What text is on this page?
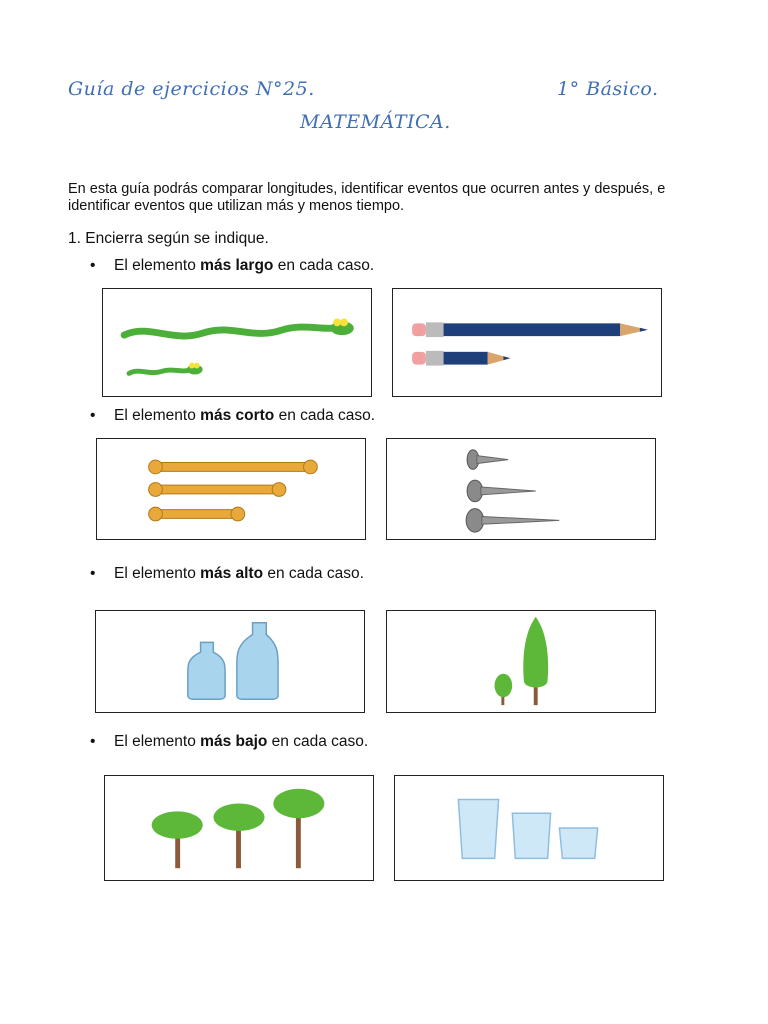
Guía de ejercicios N°25.	1° Básico.
MATEMÁTICA.
En esta guía podrás comparar longitudes, identificar eventos que ocurren antes y después, e identificar eventos que utilizan más y menos tiempo.
1. Encierra según se indique.
• El elemento más largo en cada caso.
• El elemento más corto en cada caso.
• El elemento más alto en cada caso.
• El elemento más bajo en cada caso.
